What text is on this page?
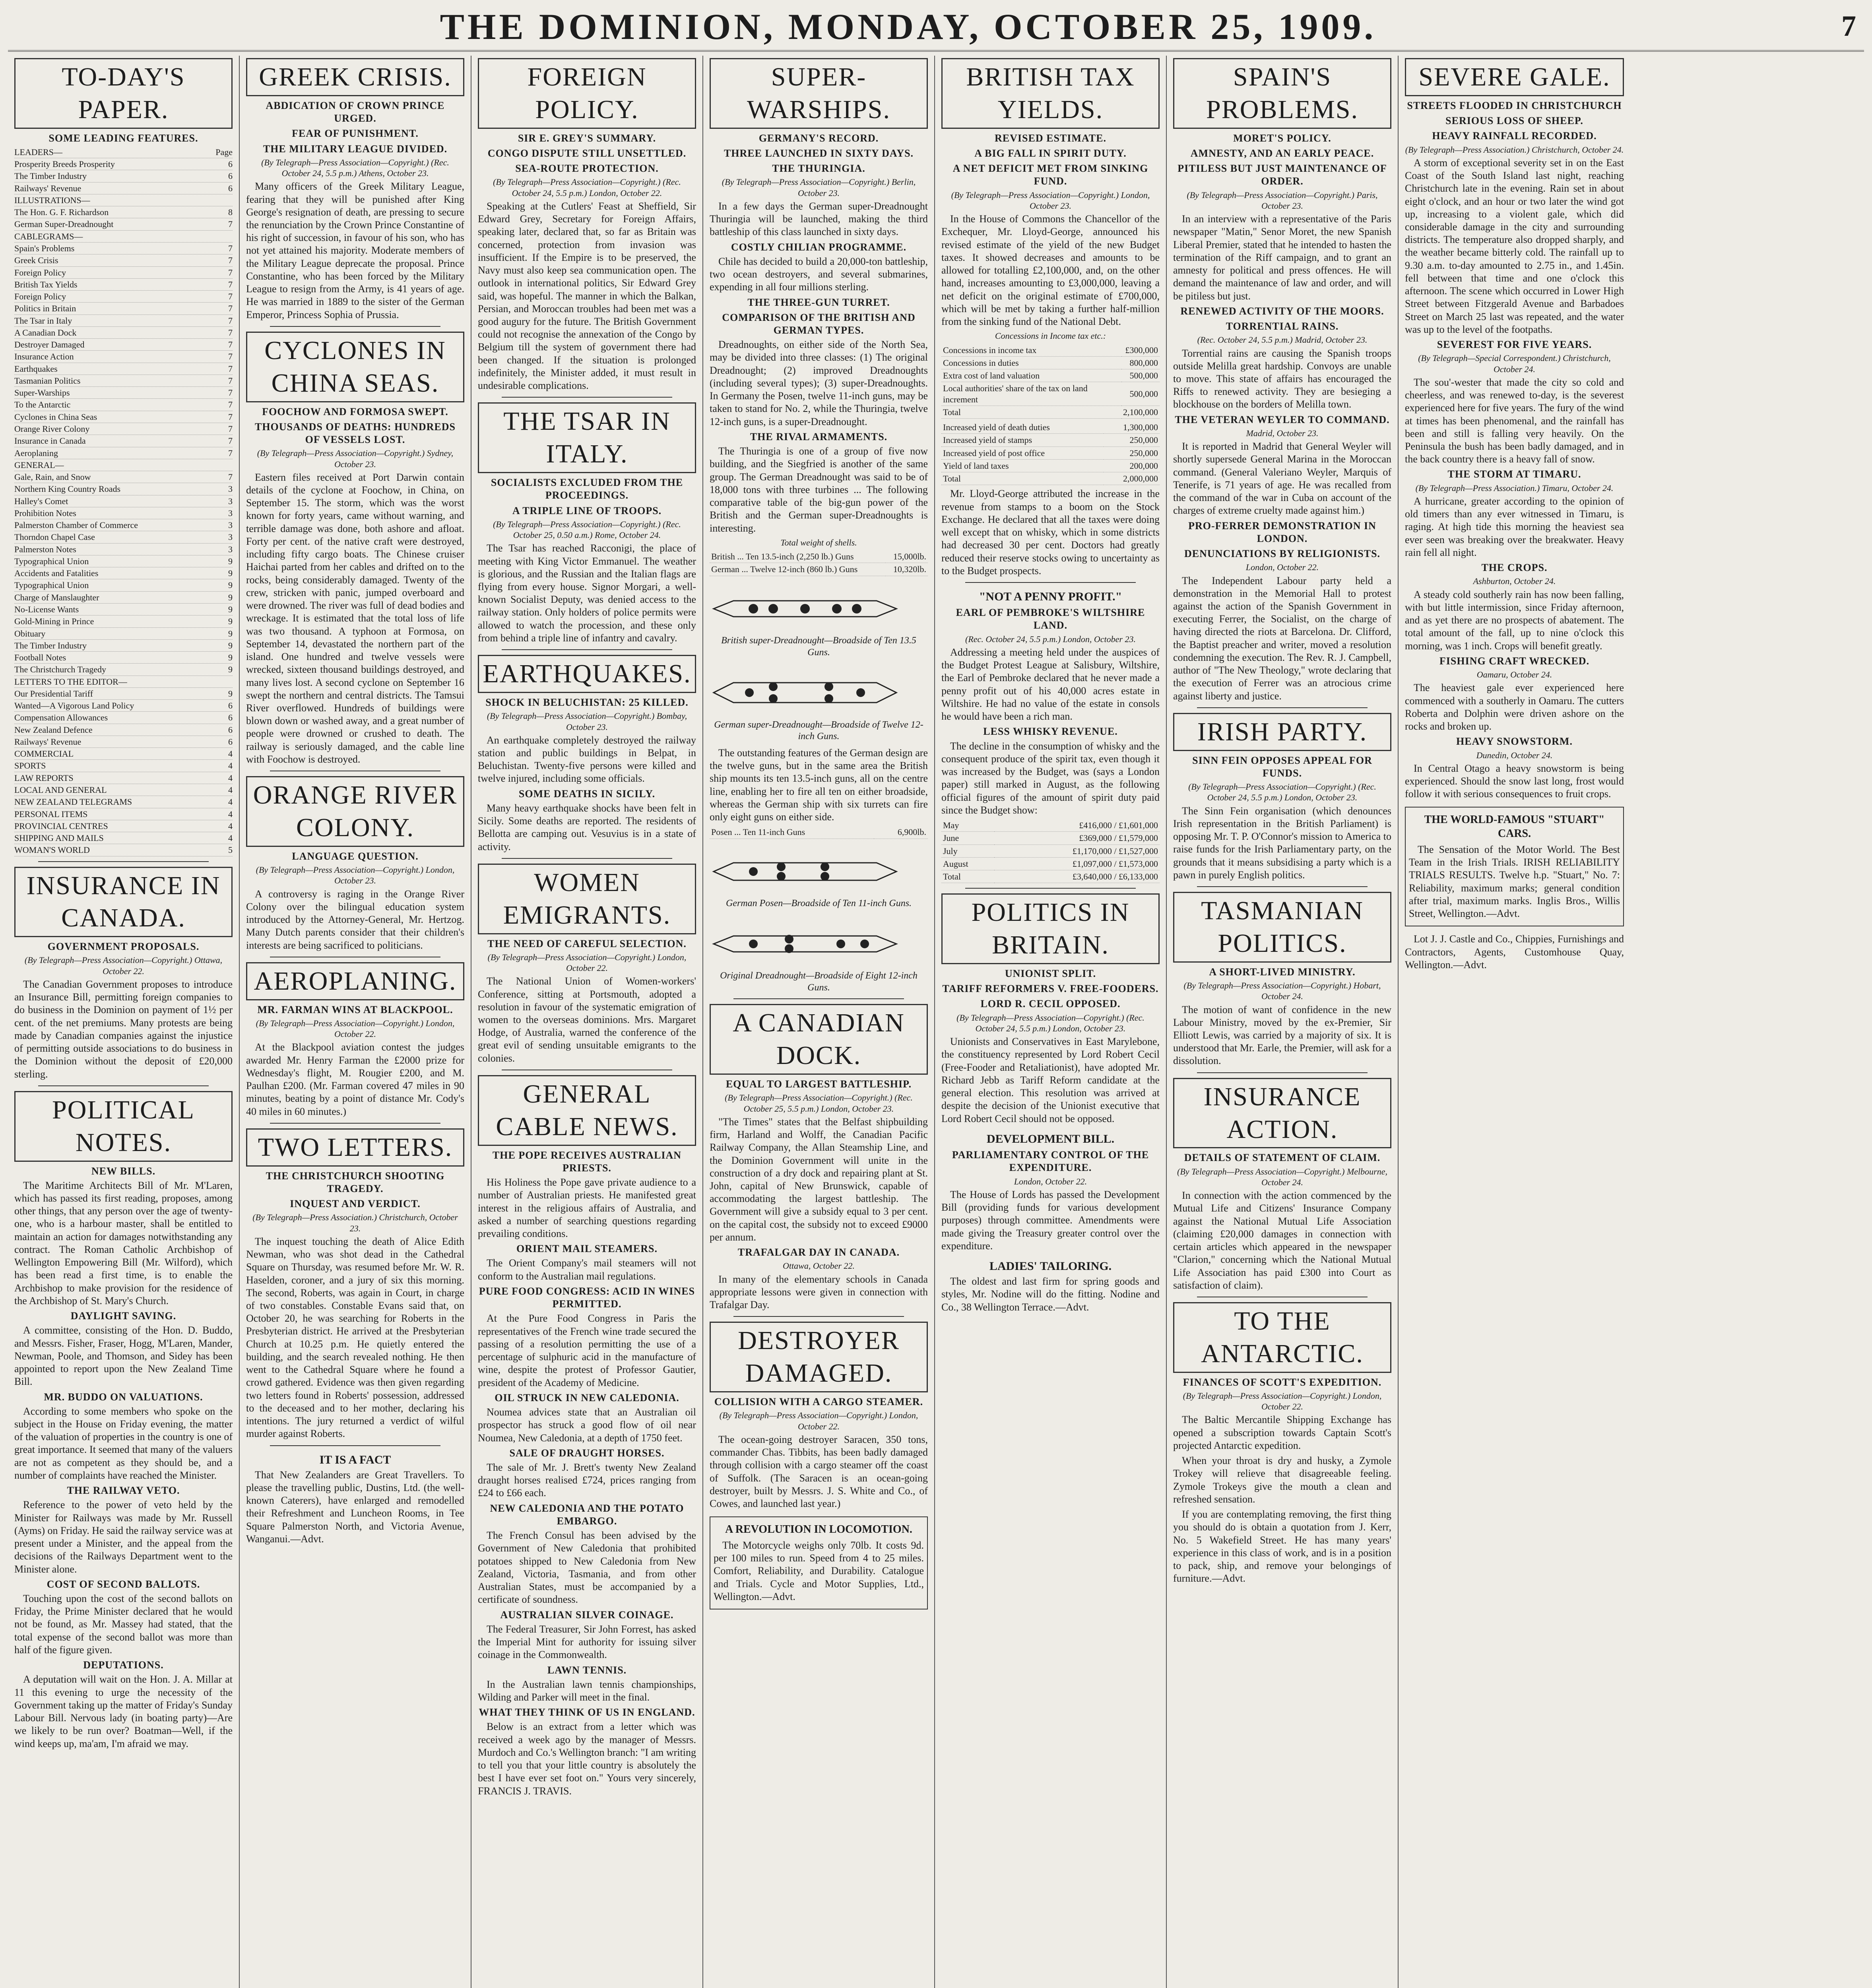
THE DOMINION, MONDAY, OCTOBER 25, 1909.	7
TO-DAY'S PAPER.
SOME LEADING FEATURES.
LEADERS—	Page
Prosperity Breeds Prosperity	6
The Timber Industry	6
Railways' Revenue	6
ILLUSTRATIONS—
The Hon. G. F. Richardson	8
German Super-Dreadnought	7
CABLEGRAMS—
Spain's Problems	7
Greek Crisis	7
Foreign Policy	7
British Tax Yields	7
Foreign Policy	7
Politics in Britain	7
The Tsar in Italy	7
A Canadian Dock	7
Destroyer Damaged	7
Insurance Action	7
Earthquakes	7
Tasmanian Politics	7
Super-Warships	7
To the Antarctic	7
Cyclones in China Seas	7
Orange River Colony	7
Insurance in Canada	7
Aeroplaning	7
GENERAL—
Gale, Rain, and Snow	7
Northern King Country Roads	3
Halley's Comet	3
Prohibition Notes	3
Palmerston Chamber of Commerce	3
Thorndon Chapel Case	3
Palmerston Notes	3
Typographical Union	9
Accidents and Fatalities	9
Typographical Union	9
Charge of Manslaughter	9
No-License Wants	9
Gold-Mining in Prince	9
Obituary	9
The Timber Industry	9
Football Notes	9
The Christchurch Tragedy	9
LETTERS TO THE EDITOR—
Our Presidential Tariff	9
Wanted—A Vigorous Land Policy	6
Compensation Allowances	6
New Zealand Defence	6
Railways' Revenue	6
COMMERCIAL	4
SPORTS	4
LAW REPORTS	4
LOCAL AND GENERAL	4
NEW ZEALAND TELEGRAMS	4
PERSONAL ITEMS	4
PROVINCIAL CENTRES	4
SHIPPING AND MAILS	4
WOMAN'S WORLD	5
INSURANCE IN CANADA.
GOVERNMENT PROPOSALS.
(By Telegraph—Press Association—Copyright.) Ottawa, October 22.

The Canadian Government proposes to introduce an Insurance Bill, permitting foreign companies to do business in the Dominion on payment of 1½ per cent. of the net premiums. Many protests are being made by Canadian companies against the injustice of permitting outside associations to do business in the Dominion without the deposit of £20,000 sterling.

POLITICAL NOTES.
NEW BILLS.

The Maritime Architects Bill of Mr. M'Laren, which has passed its first reading, proposes, among other things, that any person over the age of twenty-one, who is a harbour master, shall be entitled to maintain an action for damages notwithstanding any contract. The Roman Catholic Archbishop of Wellington Empowering Bill (Mr. Wilford), which has been read a first time, is to enable the Archbishop to make provision for the residence of the Archbishop of St. Mary's Church.

DAYLIGHT SAVING.

A committee, consisting of the Hon. D. Buddo, and Messrs. Fisher, Fraser, Hogg, M'Laren, Mander, Newman, Poole, and Thomson, and Sidey has been appointed to report upon the New Zealand Time Bill.

MR. BUDDO ON VALUATIONS.

According to some members who spoke on the subject in the House on Friday evening, the matter of the valuation of properties in the country is one of great importance. It seemed that many of the valuers are not as competent as they should be, and a number of complaints have reached the Minister.

THE RAILWAY VETO.

Reference to the power of veto held by the Minister for Railways was made by Mr. Russell (Ayms) on Friday. He said the railway service was at present under a Minister, and the appeal from the decisions of the Railways Department went to the Minister alone.

COST OF SECOND BALLOTS.

Touching upon the cost of the second ballots on Friday, the Prime Minister declared that he would not be found, as Mr. Massey had stated, that the total expense of the second ballot was more than half of the figure given.

DEPUTATIONS.

A deputation will wait on the Hon. J. A. Millar at 11 this evening to urge the necessity of the Government taking up the matter of Friday's Sunday Labour Bill. Nervous lady (in boating party)—Are we likely to be run over? Boatman—Well, if the wind keeps up, ma'am, I'm afraid we may.

GREEK CRISIS.
ABDICATION OF CROWN PRINCE URGED.
FEAR OF PUNISHMENT.
THE MILITARY LEAGUE DIVIDED.
(By Telegraph—Press Association—Copyright.) (Rec. October 24, 5.5 p.m.) Athens, October 23.

Many officers of the Greek Military League, fearing that they will be punished after King George's resignation of death, are pressing to secure the renunciation by the Crown Prince Constantine of his right of succession, in favour of his son, who has not yet attained his majority. Moderate members of the Military League deprecate the proposal. Prince Constantine, who has been forced by the Military League to resign from the Army, is 41 years of age. He was married in 1889 to the sister of the German Emperor, Princess Sophia of Prussia.

CYCLONES IN CHINA SEAS.
FOOCHOW AND FORMOSA SWEPT.
THOUSANDS OF DEATHS: HUNDREDS OF VESSELS LOST.
(By Telegraph—Press Association—Copyright.) Sydney, October 23.

Eastern files received at Port Darwin contain details of the cyclone at Foochow, in China, on September 15. The storm, which was the worst known for forty years, came without warning, and terrible damage was done, both ashore and afloat. Forty per cent. of the native craft were destroyed, including fifty cargo boats. The Chinese cruiser Haichai parted from her cables and drifted on to the rocks, being considerably damaged. Twenty of the crew, stricken with panic, jumped overboard and were drowned. The river was full of dead bodies and wreckage. It is estimated that the total loss of life was two thousand. A typhoon at Formosa, on September 14, devastated the northern part of the island. One hundred and twelve vessels were wrecked, sixteen thousand buildings destroyed, and many lives lost. A second cyclone on September 16 swept the northern and central districts. The Tamsui River overflowed. Hundreds of buildings were blown down or washed away, and a great number of people were drowned or crushed to death. The railway is seriously damaged, and the cable line with Foochow is destroyed.

ORANGE RIVER COLONY.
LANGUAGE QUESTION.
(By Telegraph—Press Association—Copyright.) London, October 23.

A controversy is raging in the Orange River Colony over the bilingual education system introduced by the Attorney-General, Mr. Hertzog. Many Dutch parents consider that their children's interests are being sacrificed to politicians.

AEROPLANING.
MR. FARMAN WINS AT BLACKPOOL.
(By Telegraph—Press Association—Copyright.) London, October 22.

At the Blackpool aviation contest the judges awarded Mr. Henry Farman the £2000 prize for Wednesday's flight, M. Rougier £200, and M. Paulhan £200. (Mr. Farman covered 47 miles in 90 minutes, beating by a point of distance Mr. Cody's 40 miles in 60 minutes.)

TWO LETTERS.
THE CHRISTCHURCH SHOOTING TRAGEDY.
INQUEST AND VERDICT.
(By Telegraph—Press Association.) Christchurch, October 23.

The inquest touching the death of Alice Edith Newman, who was shot dead in the Cathedral Square on Thursday, was resumed before Mr. W. R. Haselden, coroner, and a jury of six this morning. The second, Roberts, was again in Court, in charge of two constables. Constable Evans said that, on October 20, he was searching for Roberts in the Presbyterian district. He arrived at the Presbyterian Church at 10.25 p.m. He quietly entered the building, and the search revealed nothing. He then went to the Cathedral Square where he found a crowd gathered. Evidence was then given regarding two letters found in Roberts' possession, addressed to the deceased and to her mother, declaring his intentions. The jury returned a verdict of wilful murder against Roberts.

IT IS A FACT

That New Zealanders are Great Travellers. To please the travelling public, Dustins, Ltd. (the well-known Caterers), have enlarged and remodelled their Refreshment and Luncheon Rooms, in Tee Square Palmerston North, and Victoria Avenue, Wanganui.—Advt.

FOREIGN POLICY.
SIR E. GREY'S SUMMARY.
CONGO DISPUTE STILL UNSETTLED.
SEA-ROUTE PROTECTION.
(By Telegraph—Press Association—Copyright.) (Rec. October 24, 5.5 p.m.) London, October 22.

Speaking at the Cutlers' Feast at Sheffield, Sir Edward Grey, Secretary for Foreign Affairs, speaking later, declared that, so far as Britain was concerned, protection from invasion was insufficient. If the Empire is to be preserved, the Navy must also keep sea communication open. The outlook in international politics, Sir Edward Grey said, was hopeful. The manner in which the Balkan, Persian, and Moroccan troubles had been met was a good augury for the future. The British Government could not recognise the annexation of the Congo by Belgium till the system of government there had been changed. If the situation is prolonged indefinitely, the Minister added, it must result in undesirable complications.

THE TSAR IN ITALY.
SOCIALISTS EXCLUDED FROM THE PROCEEDINGS.
A TRIPLE LINE OF TROOPS.
(By Telegraph—Press Association—Copyright.) (Rec. October 25, 0.50 a.m.) Rome, October 24.

The Tsar has reached Racconigi, the place of meeting with King Victor Emmanuel. The weather is glorious, and the Russian and the Italian flags are flying from every house. Signor Morgari, a well-known Socialist Deputy, was denied access to the railway station. Only holders of police permits were allowed to watch the procession, and these only from behind a triple line of infantry and cavalry.

EARTHQUAKES.
SHOCK IN BELUCHISTAN: 25 KILLED.
(By Telegraph—Press Association—Copyright.) Bombay, October 23.

An earthquake completely destroyed the railway station and public buildings in Belpat, in Beluchistan. Twenty-five persons were killed and twelve injured, including some officials.

SOME DEATHS IN SICILY.

Many heavy earthquake shocks have been felt in Sicily. Some deaths are reported. The residents of Bellotta are camping out. Vesuvius is in a state of activity.

WOMEN EMIGRANTS.
THE NEED OF CAREFUL SELECTION.
(By Telegraph—Press Association—Copyright.) London, October 22.

The National Union of Women-workers' Conference, sitting at Portsmouth, adopted a resolution in favour of the systematic emigration of women to the overseas dominions. Mrs. Margaret Hodge, of Australia, warned the conference of the great evil of sending unsuitable emigrants to the colonies.

GENERAL CABLE NEWS.
THE POPE RECEIVES AUSTRALIAN PRIESTS.

His Holiness the Pope gave private audience to a number of Australian priests. He manifested great interest in the religious affairs of Australia, and asked a number of searching questions regarding prevailing conditions.

ORIENT MAIL STEAMERS.

The Orient Company's mail steamers will not conform to the Australian mail regulations.

PURE FOOD CONGRESS: ACID IN WINES PERMITTED.

At the Pure Food Congress in Paris the representatives of the French wine trade secured the passing of a resolution permitting the use of a percentage of sulphuric acid in the manufacture of wine, despite the protest of Professor Gautier, president of the Academy of Medicine.

OIL STRUCK IN NEW CALEDONIA.

Noumea advices state that an Australian oil prospector has struck a good flow of oil near Noumea, New Caledonia, at a depth of 1750 feet.

SALE OF DRAUGHT HORSES.

The sale of Mr. J. Brett's twenty New Zealand draught horses realised £724, prices ranging from £24 to £66 each.

NEW CALEDONIA AND THE POTATO EMBARGO.

The French Consul has been advised by the Government of New Caledonia that prohibited potatoes shipped to New Caledonia from New Zealand, Victoria, Tasmania, and from other Australian States, must be accompanied by a certificate of soundness.

AUSTRALIAN SILVER COINAGE.

The Federal Treasurer, Sir John Forrest, has asked the Imperial Mint for authority for issuing silver coinage in the Commonwealth.

LAWN TENNIS.

In the Australian lawn tennis championships, Wilding and Parker will meet in the final.

WHAT THEY THINK OF US IN ENGLAND.

Below is an extract from a letter which was received a week ago by the manager of Messrs. Murdoch and Co.'s Wellington branch: "I am writing to tell you that your little country is absolutely the best I have ever set foot on." Yours very sincerely, FRANCIS J. TRAVIS.

SUPER-WARSHIPS.
GERMANY'S RECORD.
THREE LAUNCHED IN SIXTY DAYS.
THE THURINGIA.
(By Telegraph—Press Association—Copyright.) Berlin, October 23.

In a few days the German super-Dreadnought Thuringia will be launched, making the third battleship of this class launched in sixty days.

COSTLY CHILIAN PROGRAMME.

Chile has decided to build a 20,000-ton battleship, two ocean destroyers, and several submarines, expending in all four millions sterling.

THE THREE-GUN TURRET.
COMPARISON OF THE BRITISH AND GERMAN TYPES.

Dreadnoughts, on either side of the North Sea, may be divided into three classes: (1) The original Dreadnought; (2) improved Dreadnoughts (including several types); (3) super-Dreadnoughts. In Germany the Posen, twelve 11-inch guns, may be taken to stand for No. 2, while the Thuringia, twelve 12-inch guns, is a super-Dreadnought.

THE RIVAL ARMAMENTS.

The Thuringia is one of a group of five now building, and the Siegfried is another of the same group. The German Dreadnought was said to be of 18,000 tons with three turbines ... The following comparative table of the big-gun power of the British and the German super-Dreadnoughts is interesting.

Total weight of shells.
British ... Ten 13.5-inch (2,250 lb.) Guns	15,000lb.
German ... Twelve 12-inch (860 lb.) Guns	10,320lb.
British super-Dreadnought—Broadside of Ten 13.5 Guns.
German super-Dreadnought—Broadside of Twelve 12-inch Guns.

The outstanding features of the German design are the twelve guns, but in the same area the British ship mounts its ten 13.5-inch guns, all on the centre line, enabling her to fire all ten on either broadside, whereas the German ship with six turrets can fire only eight guns on either side.

Posen ... Ten 11-inch Guns	6,900lb.
German Posen—Broadside of Ten 11-inch Guns.
Original Dreadnought—Broadside of Eight 12-inch Guns.
A CANADIAN DOCK.
EQUAL TO LARGEST BATTLESHIP.
(By Telegraph—Press Association—Copyright.) (Rec. October 25, 5.5 p.m.) London, October 23.

"The Times" states that the Belfast shipbuilding firm, Harland and Wolff, the Canadian Pacific Railway Company, the Allan Steamship Line, and the Dominion Government will unite in the construction of a dry dock and repairing plant at St. John, capital of New Brunswick, capable of accommodating the largest battleship. The Government will give a subsidy equal to 3 per cent. on the capital cost, the subsidy not to exceed £9000 per annum.

TRAFALGAR DAY IN CANADA.
Ottawa, October 22.

In many of the elementary schools in Canada appropriate lessons were given in connection with Trafalgar Day.

DESTROYER DAMAGED.
COLLISION WITH A CARGO STEAMER.
(By Telegraph—Press Association—Copyright.) London, October 22.

The ocean-going destroyer Saracen, 350 tons, commander Chas. Tibbits, has been badly damaged through collision with a cargo steamer off the coast of Suffolk. (The Saracen is an ocean-going destroyer, built by Messrs. J. S. White and Co., of Cowes, and launched last year.)

A REVOLUTION IN LOCOMOTION.

The Motorcycle weighs only 70lb. It costs 9d. per 100 miles to run. Speed from 4 to 25 miles. Comfort, Reliability, and Durability. Catalogue and Trials. Cycle and Motor Supplies, Ltd., Wellington.—Advt.

BRITISH TAX YIELDS.
REVISED ESTIMATE.
A BIG FALL IN SPIRIT DUTY.
A NET DEFICIT MET FROM SINKING FUND.
(By Telegraph—Press Association—Copyright.) London, October 23.

In the House of Commons the Chancellor of the Exchequer, Mr. Lloyd-George, announced his revised estimate of the yield of the new Budget taxes. It showed decreases and amounts to be allowed for totalling £2,100,000, and, on the other hand, increases amounting to £3,000,000, leaving a net deficit on the original estimate of £700,000, which will be met by taking a further half-million from the sinking fund of the National Debt.

Concessions in Income tax etc.:
Concessions in income tax	£300,000
Concessions in duties	800,000
Extra cost of land valuation	500,000
Local authorities' share of the tax on land increment	500,000
Total	2,100,000
Increased yield of death duties	1,300,000
Increased yield of stamps	250,000
Increased yield of post office	250,000
Yield of land taxes	200,000
Total	2,000,000

Mr. Lloyd-George attributed the increase in the revenue from stamps to a boom on the Stock Exchange. He declared that all the taxes were doing well except that on whisky, which in some districts had decreased 30 per cent. Doctors had greatly reduced their reserve stocks owing to uncertainty as to the Budget prospects.

"NOT A PENNY PROFIT."
EARL OF PEMBROKE'S WILTSHIRE LAND.
(Rec. October 24, 5.5 p.m.) London, October 23.

Addressing a meeting held under the auspices of the Budget Protest League at Salisbury, Wiltshire, the Earl of Pembroke declared that he never made a penny profit out of his 40,000 acres estate in Wiltshire. He had no value of the estate in consols he would have been a rich man.

LESS WHISKY REVENUE.

The decline in the consumption of whisky and the consequent produce of the spirit tax, even though it was increased by the Budget, was (says a London paper) still marked in August, as the following official figures of the amount of spirit duty paid since the Budget show:

May	£416,000 / £1,601,000
June	£369,000 / £1,579,000
July	£1,170,000 / £1,527,000
August	£1,097,000 / £1,573,000
Total	£3,640,000 / £6,133,000
POLITICS IN BRITAIN.
UNIONIST SPLIT.
TARIFF REFORMERS V. FREE-FOODERS.
LORD R. CECIL OPPOSED.
(By Telegraph—Press Association—Copyright.) (Rec. October 24, 5.5 p.m.) London, October 23.

Unionists and Conservatives in East Marylebone, the constituency represented by Lord Robert Cecil (Free-Fooder and Retaliationist), have adopted Mr. Richard Jebb as Tariff Reform candidate at the general election. This resolution was arrived at despite the decision of the Unionist executive that Lord Robert Cecil should not be opposed.

DEVELOPMENT BILL.
PARLIAMENTARY CONTROL OF THE EXPENDITURE.
London, October 22.

The House of Lords has passed the Development Bill (providing funds for various development purposes) through committee. Amendments were made giving the Treasury greater control over the expenditure.

LADIES' TAILORING.

The oldest and last firm for spring goods and styles, Mr. Nodine will do the fitting. Nodine and Co., 38 Wellington Terrace.—Advt.

SPAIN'S PROBLEMS.
MORET'S POLICY.
AMNESTY, AND AN EARLY PEACE.
PITILESS BUT JUST MAINTENANCE OF ORDER.
(By Telegraph—Press Association—Copyright.) Paris, October 23.

In an interview with a representative of the Paris newspaper "Matin," Senor Moret, the new Spanish Liberal Premier, stated that he intended to hasten the termination of the Riff campaign, and to grant an amnesty for political and press offences. He will demand the maintenance of law and order, and will be pitiless but just.

RENEWED ACTIVITY OF THE MOORS.
TORRENTIAL RAINS.
(Rec. October 24, 5.5 p.m.) Madrid, October 23.

Torrential rains are causing the Spanish troops outside Melilla great hardship. Convoys are unable to move. This state of affairs has encouraged the Riffs to renewed activity. They are besieging a blockhouse on the borders of Melilla town.

THE VETERAN WEYLER TO COMMAND.
Madrid, October 23.

It is reported in Madrid that General Weyler will shortly supersede General Marina in the Moroccan command. (General Valeriano Weyler, Marquis of Tenerife, is 71 years of age. He was recalled from the command of the war in Cuba on account of the charges of extreme cruelty made against him.)

PRO-FERRER DEMONSTRATION IN LONDON.
DENUNCIATIONS BY RELIGIONISTS.
London, October 22.

The Independent Labour party held a demonstration in the Memorial Hall to protest against the action of the Spanish Government in executing Ferrer, the Socialist, on the charge of having directed the riots at Barcelona. Dr. Clifford, the Baptist preacher and writer, moved a resolution condemning the execution. The Rev. R. J. Campbell, author of "The New Theology," wrote declaring that the execution of Ferrer was an atrocious crime against liberty and justice.

IRISH PARTY.
SINN FEIN OPPOSES APPEAL FOR FUNDS.
(By Telegraph—Press Association—Copyright.) (Rec. October 24, 5.5 p.m.) London, October 23.

The Sinn Fein organisation (which denounces Irish representation in the British Parliament) is opposing Mr. T. P. O'Connor's mission to America to raise funds for the Irish Parliamentary party, on the grounds that it means subsidising a party which is a pawn in purely English politics.

TASMANIAN POLITICS.
A SHORT-LIVED MINISTRY.
(By Telegraph—Press Association—Copyright.) Hobart, October 24.

The motion of want of confidence in the new Labour Ministry, moved by the ex-Premier, Sir Elliott Lewis, was carried by a majority of six. It is understood that Mr. Earle, the Premier, will ask for a dissolution.

INSURANCE ACTION.
DETAILS OF STATEMENT OF CLAIM.
(By Telegraph—Press Association—Copyright.) Melbourne, October 24.

In connection with the action commenced by the Mutual Life and Citizens' Insurance Company against the National Mutual Life Association (claiming £20,000 damages in connection with certain articles which appeared in the newspaper "Clarion," concerning which the National Mutual Life Association has paid £300 into Court as satisfaction of claim).

TO THE ANTARCTIC.
FINANCES OF SCOTT'S EXPEDITION.
(By Telegraph—Press Association—Copyright.) London, October 22.

The Baltic Mercantile Shipping Exchange has opened a subscription towards Captain Scott's projected Antarctic expedition.

When your throat is dry and husky, a Zymole Trokey will relieve that disagreeable feeling. Zymole Trokeys give the mouth a clean and refreshed sensation.

If you are contemplating removing, the first thing you should do is obtain a quotation from J. Kerr, No. 5 Wakefield Street. He has many years' experience in this class of work, and is in a position to pack, ship, and remove your belongings of furniture.—Advt.

SEVERE GALE.
STREETS FLOODED IN CHRISTCHURCH
SERIOUS LOSS OF SHEEP.
HEAVY RAINFALL RECORDED.
(By Telegraph—Press Association.) Christchurch, October 24.

A storm of exceptional severity set in on the East Coast of the South Island last night, reaching Christchurch late in the evening. Rain set in about eight o'clock, and an hour or two later the wind got up, increasing to a violent gale, which did considerable damage in the city and surrounding districts. The temperature also dropped sharply, and the weather became bitterly cold. The rainfall up to 9.30 a.m. to-day amounted to 2.75 in., and 1.45in. fell between that time and one o'clock this afternoon. The scene which occurred in Lower High Street between Fitzgerald Avenue and Barbadoes Street on March 25 last was repeated, and the water was up to the level of the footpaths.

SEVEREST FOR FIVE YEARS.
(By Telegraph—Special Correspondent.) Christchurch, October 24.

The sou'-wester that made the city so cold and cheerless, and was renewed to-day, is the severest experienced here for five years. The fury of the wind at times has been phenomenal, and the rainfall has been and still is falling very heavily. On the Peninsula the bush has been badly damaged, and in the back country there is a heavy fall of snow.

THE STORM AT TIMARU.
(By Telegraph—Press Association.) Timaru, October 24.

A hurricane, greater according to the opinion of old timers than any ever witnessed in Timaru, is raging. At high tide this morning the heaviest sea ever seen was breaking over the breakwater. Heavy rain fell all night.

THE CROPS.
Ashburton, October 24.

A steady cold southerly rain has now been falling, with but little intermission, since Friday afternoon, and as yet there are no prospects of abatement. The total amount of the fall, up to nine o'clock this morning, was 1 inch. Crops will benefit greatly.

FISHING CRAFT WRECKED.
Oamaru, October 24.

The heaviest gale ever experienced here commenced with a southerly in Oamaru. The cutters Roberta and Dolphin were driven ashore on the rocks and broken up.

HEAVY SNOWSTORM.
Dunedin, October 24.

In Central Otago a heavy snowstorm is being experienced. Should the snow last long, frost would follow it with serious consequences to fruit crops.

THE WORLD-FAMOUS "STUART" CARS.

The Sensation of the Motor World. The Best Team in the Irish Trials. IRISH RELIABILITY TRIALS RESULTS. Twelve h.p. "Stuart," No. 7: Reliability, maximum marks; general condition after trial, maximum marks. Inglis Bros., Willis Street, Wellington.—Advt.

Lot J. J. Castle and Co., Chippies, Furnishings and Contractors, Agents, Customhouse Quay, Wellington.—Advt.
